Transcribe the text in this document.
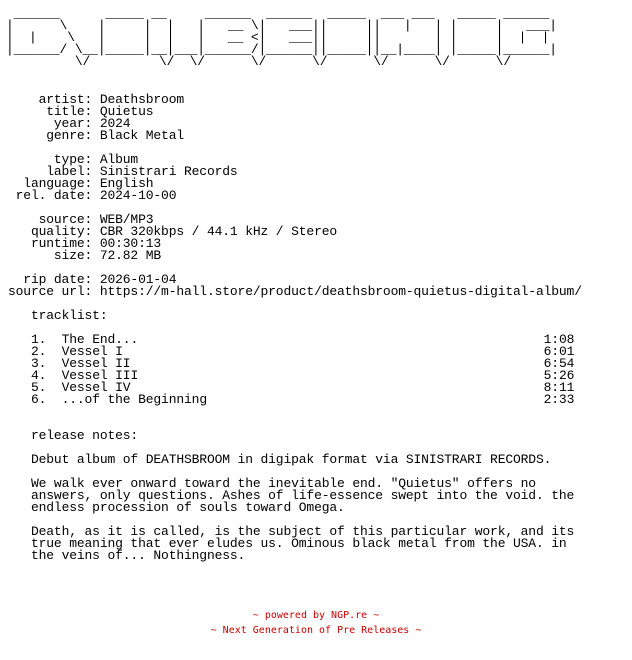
______      _____ __     ______  ______  _____  ___ ___   _____ ______
|      \    |     |  |   |   __ \|   ___||     ||   |   | |     |   ___|
|  |    \   |     |  |   |   __ <|   ___||     ||       | |     |  |  |
|______/ \__|_____|__|___|______/|______||_____||__|____| |_____|______|
\/         \/  \/      \/      \/      \/      \/      \/
artist: Deathsbroom
title: Quietus
year: 2024
genre: Black Metal
type: Album
label: Sinistrari Records
language: English
rel. date: 2024-10-00
source: WEB/MP3
quality: CBR 320kbps / 44.1 kHz / Stereo
runtime: 00:30:13
size: 72.82 MB
rip date: 2026-01-04
source url: https://m-hall.store/product/deathsbroom-quietus-digital-album/
tracklist:
1. The End...	1:08
2. Vessel I	6:01
3. Vessel II	6:54
4. Vessel III	5:26
5. Vessel IV	8:11
6. ...of the Beginning	2:33
release notes:
Debut album of DEATHSBROOM in digipak format via SINISTRARI RECORDS.
We walk ever onward toward the inevitable end. "Quietus" offers no
answers, only questions. Ashes of life-essence swept into the void. the
endless procession of souls toward Omega.
Death, as it is called, is the subject of this particular work, and its
true meaning that ever eludes us. Ominous black metal from the USA. in
the veins of... Nothingness.
~ powered by NGP.re ~
~ Next Generation of Pre Releases ~
